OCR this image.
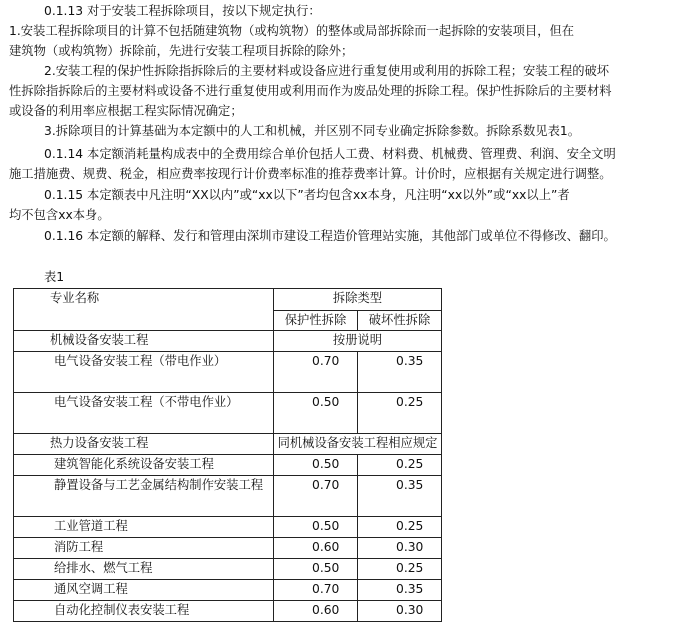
0.1.13 对于安装工程拆除项目，按以下规定执行：
1.安装工程拆除项目的计算不包括随建筑物（或构筑物）的整体或局部拆除而一起拆除的安装项目，但在
建筑物（或构筑物）拆除前，先进行安装工程项目拆除的除外；
2.安装工程的保护性拆除指拆除后的主要材料或设备应进行重复使用或利用的拆除工程；安装工程的破坏
性拆除指拆除后的主要材料或设备不进行重复使用或利用而作为废品处理的拆除工程。保护性拆除后的主要材料
或设备的利用率应根据工程实际情况确定；
3.拆除项目的计算基础为本定额中的人工和机械，并区别不同专业确定拆除参数。拆除系数见表1。
0.1.14 本定额消耗量构成表中的全费用综合单价包括人工费、材料费、机械费、管理费、利润、安全文明
施工措施费、规费、税金，相应费率按现行计价费率标准的推荐费率计算。计价时，应根据有关规定进行调整。
0.1.15 本定额表中凡注明“ⅩⅩ以内”或“xx以下”者均包含xx本身，凡注明“xx以外”或“xx以上”者
均不包含xx本身。
0.1.16 本定额的解释、发行和管理由深圳市建设工程造价管理站实施，其他部门或单位不得修改、翻印。
表1
专业名称	拆除类型	
	保护性拆除	破坏性拆除
机械设备安装工程	按册说明	
电气设备安装工程（带电作业）	0.70	0.35
电气设备安装工程（不带电作业）	0.50	0.25
热力设备安装工程	同机械设备安装工程相应规定	
建筑智能化系统设备安装工程	0.50	0.25
静置设备与工艺金属结构制作安装工程	0.70	0.35
工业管道工程	0.50	0.25
消防工程	0.60	0.30
给排水、燃气工程	0.50	0.25
通风空调工程	0.70	0.35
自动化控制仪表安装工程	0.60	0.30
